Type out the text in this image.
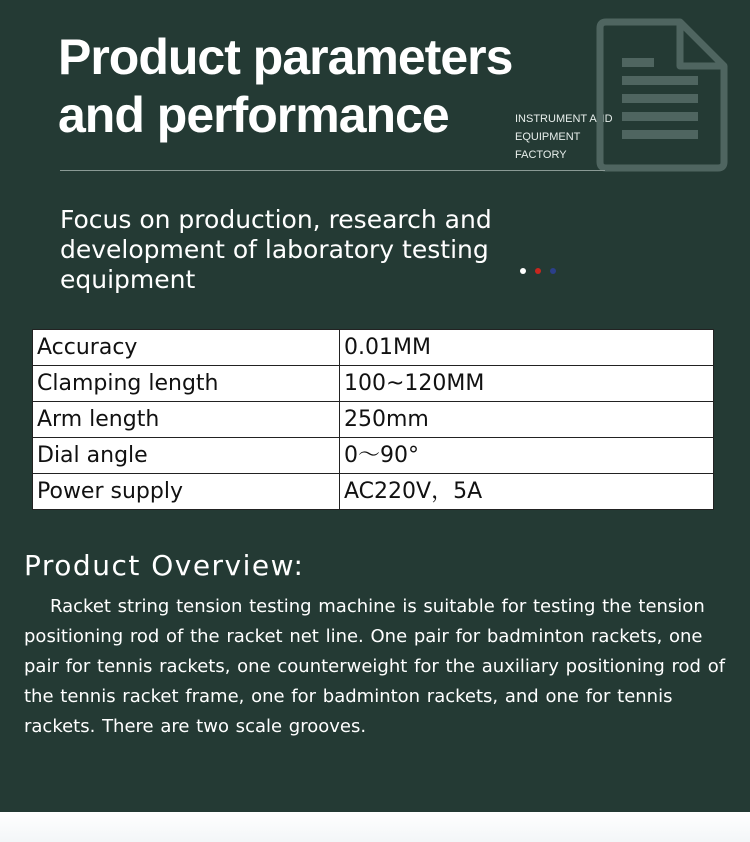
Product parameters
and performance	INSTRUMENT AND
EQUIPMENT
FACTORY

Focus on production, research and development of laboratory testing equipment

Accuracy	0.01MM
Clamping length	100~120MM
Arm length	250mm
Dial angle	0～90°
Power supply	AC220V，5A
Product Overview:

Racket string tension testing machine is suitable for testing the tension positioning rod of the racket net line. One pair for badminton rackets, one pair for tennis rackets, one counterweight for the auxiliary positioning rod of the tennis racket frame, one for badminton rackets, and one for tennis rackets. There are two scale grooves.
